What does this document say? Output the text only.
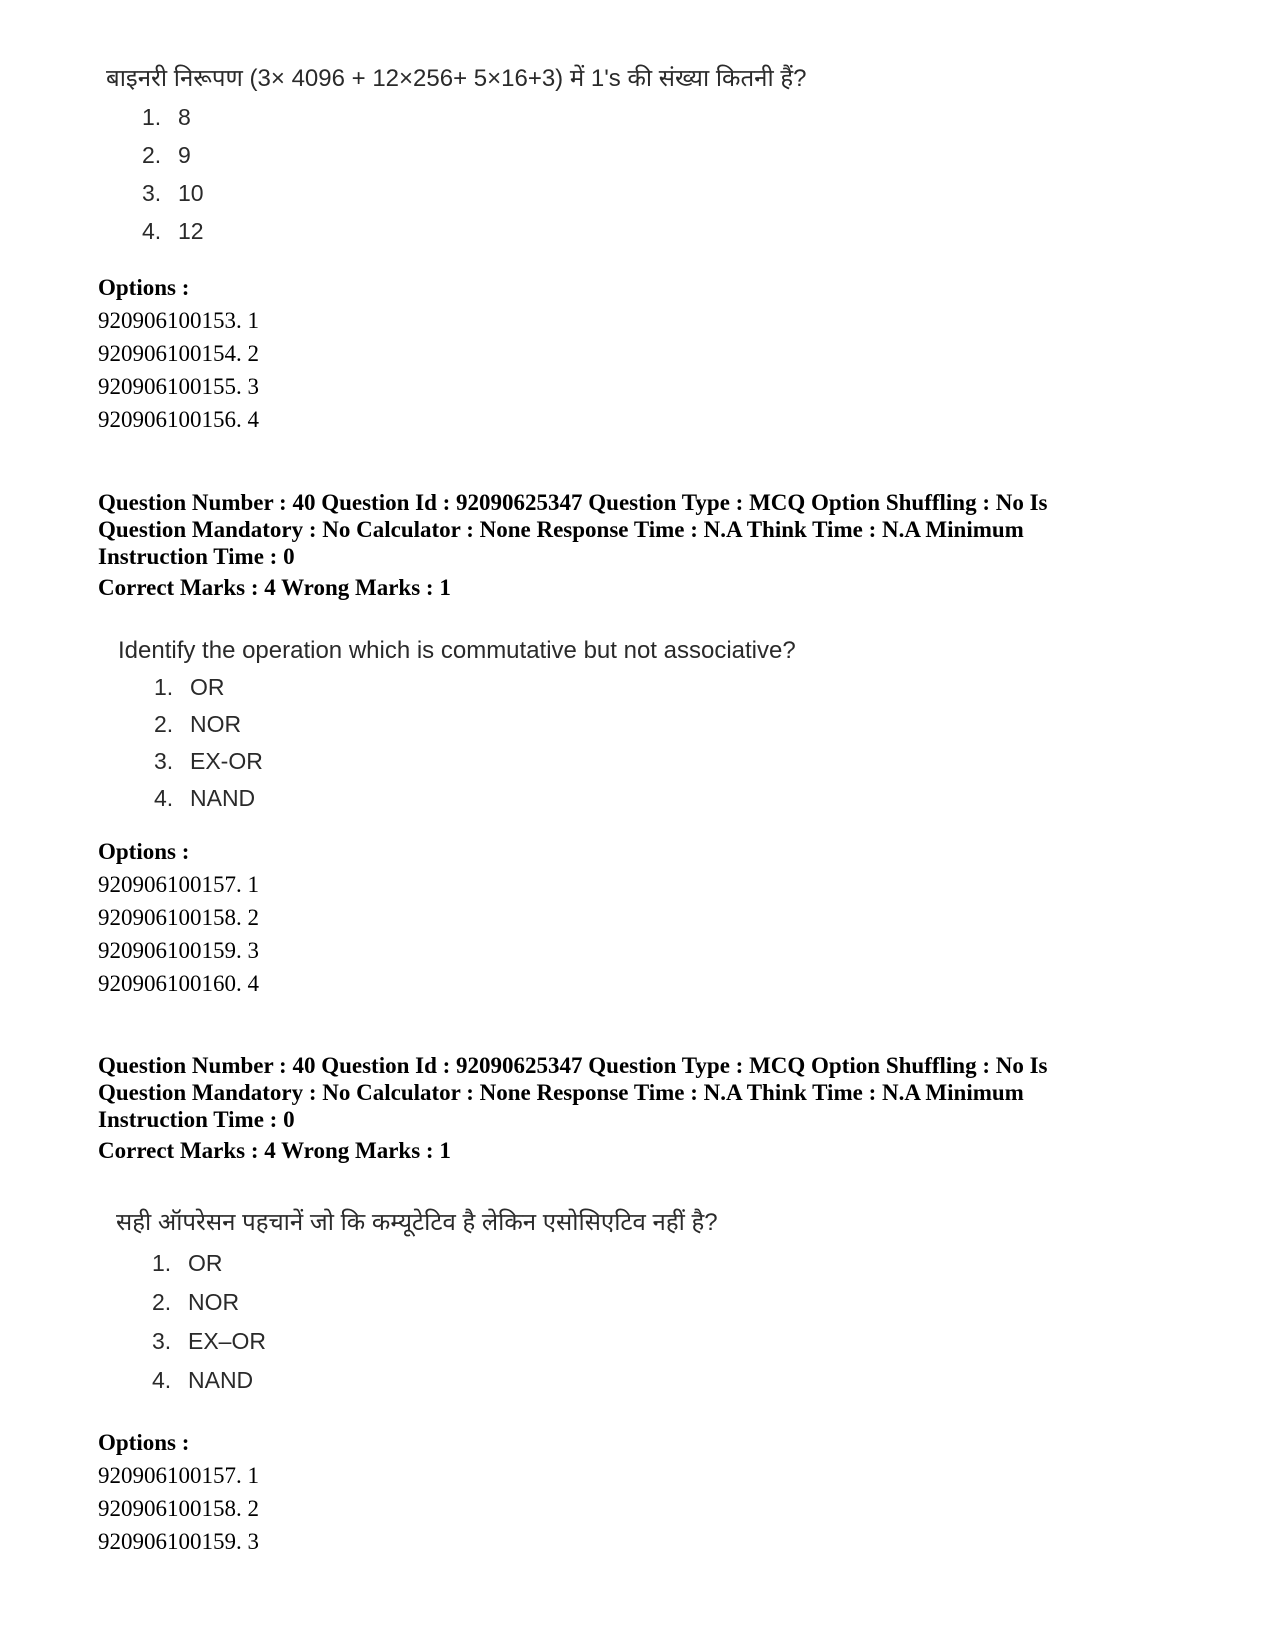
बाइनरी निरूपण (3× 4096 + 12×256+ 5×16+3) में 1's की संख्या कितनी हैं?
1. 8
2. 9
3. 10
4. 12
Options :
920906100153. 1
920906100154. 2
920906100155. 3
920906100156. 4
Question Number : 40 Question Id : 92090625347 Question Type : MCQ Option Shuffling : No Is
Question Mandatory : No Calculator : None Response Time : N.A Think Time : N.A Minimum
Instruction Time : 0
Correct Marks : 4 Wrong Marks : 1
Identify the operation which is commutative but not associative?
1. OR
2. NOR
3. EX-OR
4. NAND
Options :
920906100157. 1
920906100158. 2
920906100159. 3
920906100160. 4
Question Number : 40 Question Id : 92090625347 Question Type : MCQ Option Shuffling : No Is
Question Mandatory : No Calculator : None Response Time : N.A Think Time : N.A Minimum
Instruction Time : 0
Correct Marks : 4 Wrong Marks : 1
सही ऑपरेसन पहचानें जो कि कम्यूटेटिव है लेकिन एसोसिएटिव नहीं है?
1. OR
2. NOR
3. EX–OR
4. NAND
Options :
920906100157. 1
920906100158. 2
920906100159. 3
